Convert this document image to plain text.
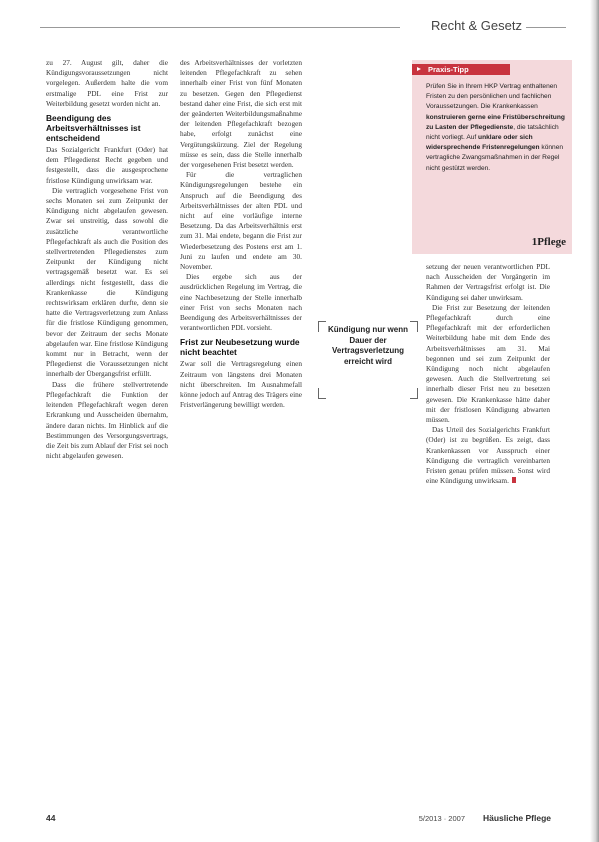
Recht & Gesetz

zu 27. August gilt, daher die Kündigungsvoraussetzungen nicht vorgelegen. Außerdem halte die vom erstmalige PDL eine Frist zur Weiterbildung gesetzt worden nicht an.

Beendigung des Arbeitsverhältnisses ist entscheidend

Das Sozialgericht Frankfurt (Oder) hat dem Pflegedienst Recht gegeben und festgestellt, dass die ausgesprochene fristlose Kündigung unwirksam war.

Die vertraglich vorgesehene Frist von sechs Monaten sei zum Zeitpunkt der Kündigung nicht abgelaufen gewesen. Zwar sei unstreitig, dass sowohl die zusätzliche verantwortliche Pflegefachkraft als auch die Position des stellvertretenden Pflegedienstes zum Zeitpunkt der Kündigung nicht vertragsgemäß besetzt war. Es sei allerdings nicht festgestellt, dass die Krankenkasse die Kündigung rechtswirksam erklären durfte, denn sie hatte die Vertragsverletzung zum Anlass für die fristlose Kündigung genommen, bevor der Zeitraum der sechs Monate abgelaufen war. Eine fristlose Kündigung kommt nur in Betracht, wenn der Pflegedienst die Voraussetzungen nicht innerhalb der Übergangsfrist erfüllt.

Dass die frühere stellvertretende Pflegefachkraft die Funktion der leitenden Pflegefachkraft wegen deren Erkrankung und Ausscheiden übernahm, ändere daran nichts. Im Hinblick auf die Bestimmungen des Versorgungsvertrags, die Zeit bis zum Ablauf der Frist sei noch nicht abgelaufen gewesen.

des Arbeitsverhältnisses der vorletzten leitenden Pflegefachkraft zu sehen innerhalb einer Frist von fünf Monaten zu besetzen. Gegen den Pflegedienst bestand daher eine Frist, die sich erst mit der geänderten Weiterbildungsmaßnahme der leitenden Pflegefachkraft bezogen habe, erfolgt zunächst eine Vergütungskürzung. Ziel der Regelung müsse es sein, dass die Stelle innerhalb der vorgesehenen Frist besetzt werden.

Für die vertraglichen Kündigungsregelungen bestehe ein Anspruch auf die Beendigung des Arbeitsverhältnisses der alten PDL und nicht auf eine vorläufige interne Besetzung. Da das Arbeitsverhältnis erst zum 31. Mai endete, begann die Frist zur Wiederbesetzung des Postens erst am 1. Juni zu laufen und endete am 30. November.

Dies ergebe sich aus der ausdrücklichen Regelung im Vertrag, die eine Nachbesetzung der Stelle innerhalb einer Frist von sechs Monaten nach Beendigung des Arbeitsverhältnisses der verantwortlichen PDL vorsieht.

Frist zur Neubesetzung wurde nicht beachtet

Zwar soll die Vertragsregelung einen Zeitraum von längstens drei Monaten nicht überschreiten. Im Ausnahmefall könne jedoch auf Antrag des Trägers eine Fristverlängerung bewilligt werden.

Praxis-Tipp
Prüfen Sie in Ihrem HKP Vertrag enthaltenen Fristen zu den persönlichen und fachlichen Voraussetzungen. Die Krankenkassen konstruieren gerne eine Fristüberschreitung zu Lasten der Pflegedienste, die tatsächlich nicht vorliegt. Auf unklare oder sich widersprechende Fristenregelungen können vertragliche Zwangsmaßnahmen in der Regel nicht gestützt werden.
1Pflege
Kündigung nur wenn Dauer der Vertragsverletzung erreicht wird

setzung der neuen verantwortlichen PDL nach Ausscheiden der Vorgängerin im Rahmen der Vertragsfrist erfolgt ist. Die Kündigung sei daher unwirksam.

Die Frist zur Besetzung der leitenden Pflegefachkraft durch eine Pflegefachkraft mit der erforderlichen Weiterbildung habe mit dem Ende des Arbeitsverhältnisses am 31. Mai begonnen und sei zum Zeitpunkt der Kündigung noch nicht abgelaufen gewesen. Auch die Stellvertretung sei innerhalb dieser Frist neu zu besetzen gewesen. Die Krankenkasse hätte daher mit der fristlosen Kündigung abwarten müssen.

Das Urteil des Sozialgerichts Frankfurt (Oder) ist zu begrüßen. Es zeigt, dass Krankenkassen vor Ausspruch einer Kündigung die vertraglich vereinbarten Fristen genau prüfen müssen. Sonst wird eine Kündigung unwirksam.

44	5/2013 · 2007 Häusliche Pflege
